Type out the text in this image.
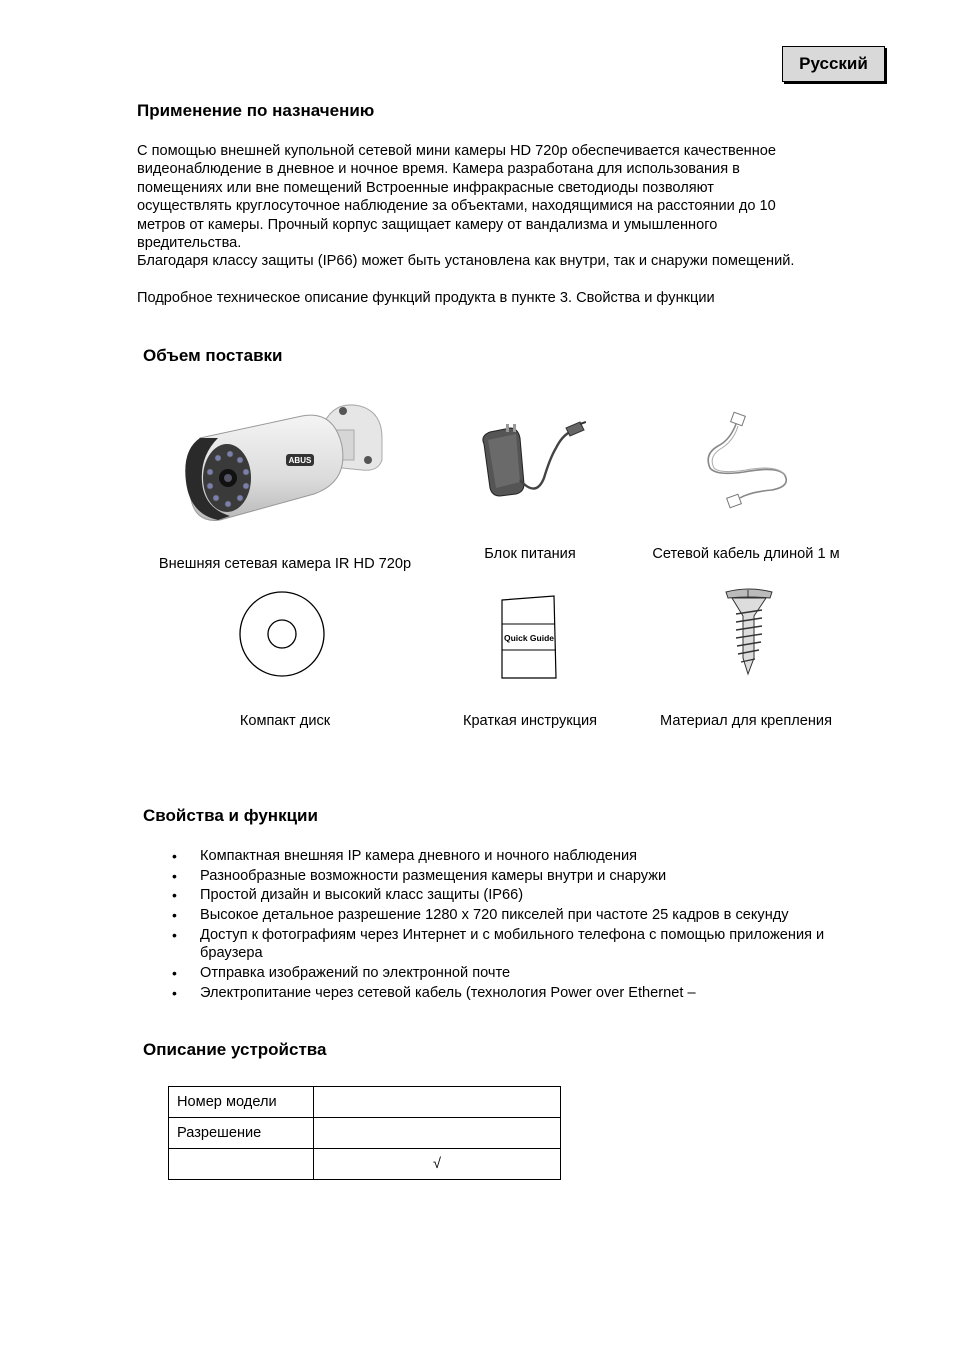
Русский
Применение по назначению
С помощью внешней купольной сетевой мини камеры HD 720p обеспечивается качественное
видеонаблюдение в дневное и ночное время. Камера разработана для использования в
помещениях или вне помещений Встроенные инфракрасные светодиоды позволяют
осуществлять круглосуточное наблюдение за объектами, находящимися на расстоянии до 10
метров от камеры. Прочный корпус защищает камеру от вандализма и умышленного
вредительства.
Благодаря классу защиты (IP66) может быть установлена как внутри, так и снаружи помещений.
Подробное техническое описание функций продукта в пункте 3. Свойства и функции
Объем поставки
ABUS
Внешняя сетевая камера IR HD 720p
Блок питания	Сетевой кабель длиной 1 м
Компакт диск
Quick Guide
Краткая инструкция	Материал для крепления
Свойства и функции
• Компактная внешняя IP камера дневного и ночного наблюдения
• Разнообразные возможности размещения камеры внутри и снаружи
• Простой дизайн и высокий класс защиты (IP66)
• Высокое детальное разрешение 1280 x 720 пикселей при частоте 25 кадров в секунду
• Доступ к фотографиям через Интернет и с мобильного телефона с помощью приложения и браузера
• Отправка изображений по электронной почте
• Электропитание через сетевой кабель (технология Power over Ethernet –
Описание устройства
Номер модели	
Разрешение	
	√
